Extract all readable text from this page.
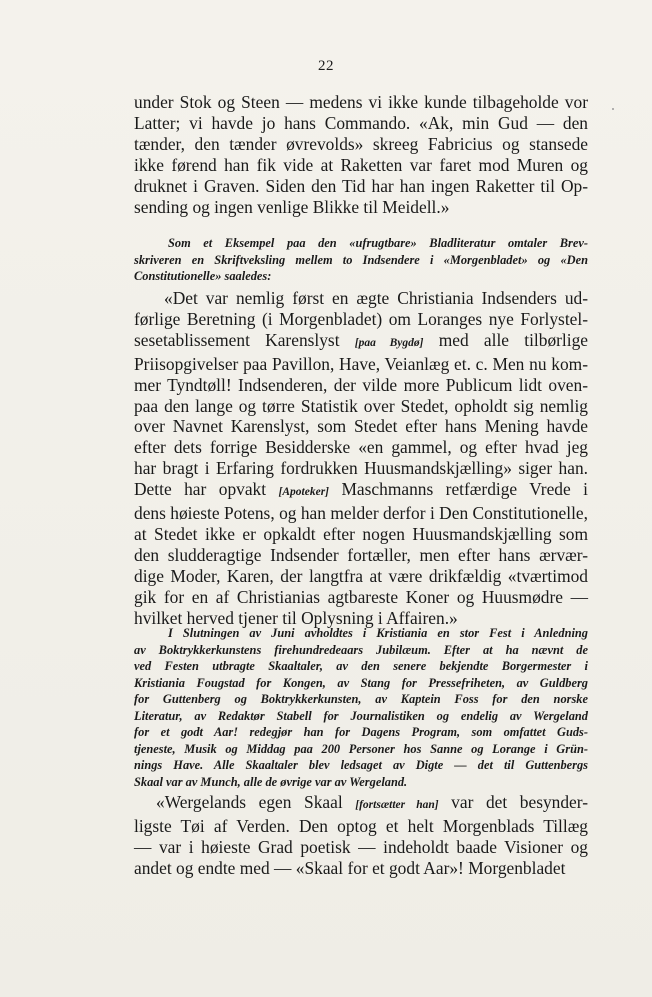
22
under Stok og Steen — medens vi ikke kunde tilbageholde vor
Latter; vi havde jo hans Commando. «Ak, min Gud — den
tænder, den tænder øvrevolds» skreeg Fabricius og stansede
ikke førend han fik vide at Raketten var faret mod Muren og
druknet i Graven. Siden den Tid har han ingen Raketter til Op-
sending og ingen venlige Blikke til Meidell.»
Som et Eksempel paa den «ufrugtbare» Bladliteratur omtaler Brev-
skriveren en Skriftveksling mellem to Indsendere i «Morgenbladet» og «Den
Constitutionelle» saaledes:
«Det var nemlig først en ægte Christiania Indsenders ud-
førlige Beretning (i Morgenbladet) om Loranges nye Forlystel-
sesetablissement Karenslyst [paa Bygdø] med alle tilbørlige
Priisopgivelser paa Pavillon, Have, Veianlæg et. c. Men nu kom-
mer Tyndtøll! Indsenderen, der vilde more Publicum lidt oven-
paa den lange og tørre Statistik over Stedet, opholdt sig nemlig
over Navnet Karenslyst, som Stedet efter hans Mening havde
efter dets forrige Besidderske «en gammel, og efter hvad jeg
har bragt i Erfaring fordrukken Huusmandskjælling» siger han.
Dette har opvakt [Apoteker] Maschmanns retfærdige Vrede i
dens høieste Potens, og han melder derfor i Den Constitutionelle,
at Stedet ikke er opkaldt efter nogen Huusmandskjælling som
den sludderagtige Indsender fortæller, men efter hans ærvær-
dige Moder, Karen, der langtfra at være drikfældig «tværtimod
gik for en af Christianias agtbareste Koner og Huusmødre —
hvilket herved tjener til Oplysning i Affairen.»
I Slutningen av Juni avholdtes i Kristiania en stor Fest i Anledning
av Boktrykkerkunstens firehundredeaars Jubilæum. Efter at ha nævnt de
ved Festen utbragte Skaaltaler, av den senere bekjendte Borgermester i
Kristiania Fougstad for Kongen, av Stang for Pressefriheten, av Guldberg
for Guttenberg og Boktrykkerkunsten, av Kaptein Foss for den norske
Literatur, av Redaktør Stabell for Journalistiken og endelig av Wergeland
for et godt Aar! redegjør han for Dagens Program, som omfattet Guds-
tjeneste, Musik og Middag paa 200 Personer hos Sanne og Lorange i Grün-
nings Have. Alle Skaaltaler blev ledsaget av Digte — det til Guttenbergs
Skaal var av Munch, alle de øvrige var av Wergeland.
«Wergelands egen Skaal [fortsætter han] var det besynder-
ligste Tøi af Verden. Den optog et helt Morgenblads Tillæg
— var i høieste Grad poetisk — indeholdt baade Visioner og
andet og endte med — «Skaal for et godt Aar»! Morgenbladet
